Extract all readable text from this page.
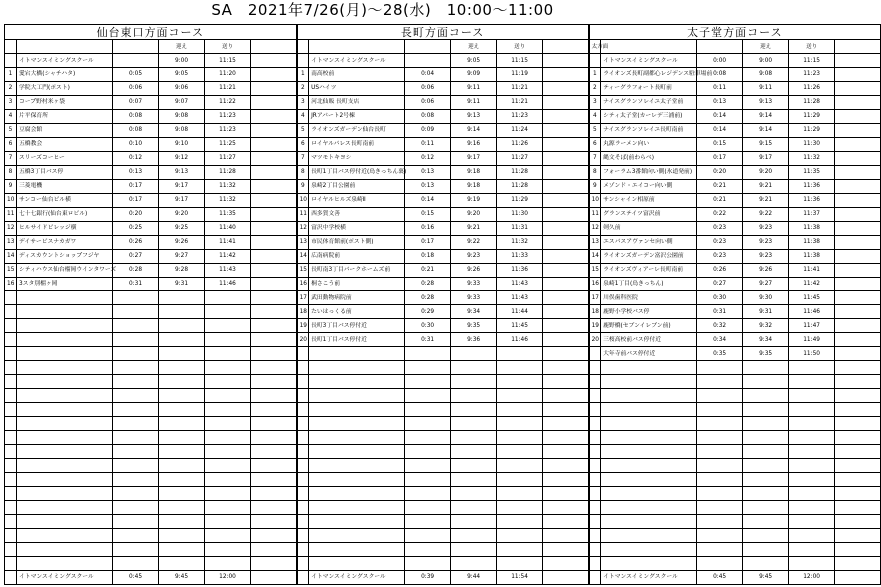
SA　2021年7/26(月)～28(水)　10:00～11:00
仙台東口方面コース						長町方面コース						太子堂方面コース					
			迎え	送り					迎え	送り		太方面			迎え	送り	
	イトマンスイミングスクール		9:00	11:15			イトマンスイミングスクール		9:05	11:15			イトマンスイミングスクール	0:00	9:00	11:15	
1	愛宕大橋(シャチハタ)	0:05	9:05	11:20		1	南高校前	0:04	9:09	11:19		1	ライオンズ長町副都心レジデンス駐車場前	0:08	9:08	11:23	
2	学院大工門(ポスト)	0:06	9:06	11:21		2	USハイツ	0:06	9:11	11:21		2	ティーグラフォート長町前	0:11	9:11	11:26	
3	コープ野村米ヶ袋	0:07	9:07	11:22		3	河北仙販 長町支店	0:06	9:11	11:21		3	ナイスグランソレイユ太子堂前	0:13	9:13	11:28	
4	片平保育所	0:08	9:08	11:23		4	JRアパート2号棟	0:08	9:13	11:23		4	シティ太子堂(カーレデ三浦前)	0:14	9:14	11:29	
5	豆腐会館	0:08	9:08	11:23		5	ライオンズガーデン仙台長町	0:09	9:14	11:24		5	ナイスグランソレイユ長町南前	0:14	9:14	11:29	
6	五橋教会	0:10	9:10	11:25		6	ロイヤルパレス長町南前	0:11	9:16	11:26		6	丸源ラーメン向い	0:15	9:15	11:30	
7	スリーズコーヒー	0:12	9:12	11:27		7	マツモトキヨシ	0:12	9:17	11:27		7	縄文そば(前わらべ)	0:17	9:17	11:32	
8	五橋3丁目バス停	0:13	9:13	11:28		8	長町1丁目バス停付近(鳥きっちん裏)	0:13	9:18	11:28		8	フォーラム3番館向い側(氷道発前)	0:20	9:20	11:35	
9	三菱電機	0:17	9:17	11:32		9	泉崎2丁目公園前	0:13	9:18	11:28		9	メゾンド・エイコー向い側	0:21	9:21	11:36	
10	サンコー仙台ビル横	0:17	9:17	11:32		10	ロイヤルヒルズ泉崎Ⅱ	0:14	9:19	11:29		10	サンシャイン相原前	0:21	9:21	11:36	
11	七十七銀行(仙台東ロビル)	0:20	9:20	11:35		11	西多賀文善	0:15	9:20	11:30		11	グランステイツ富沢前	0:22	9:22	11:37	
12	ヒルサイドビレッジ横	0:25	9:25	11:40		12	富沢中学校横	0:16	9:21	11:31		12	剣久前	0:23	9:23	11:38	
13	デイサービスナカガワ	0:26	9:26	11:41		13	市民体育館前(ポスト側)	0:17	9:22	11:32		13	エスパスアヴァンセ向い側	0:23	9:23	11:38	
14	ディスカウントショップフジヤ	0:27	9:27	11:42		14	広南病院前	0:18	9:23	11:33		14	ライオンズガーデン富沢公園前	0:23	9:23	11:38	
15	シティハウス仙台榴岡ウインタワーズ	0:28	9:28	11:43		15	長町南3丁目パークホームズ前	0:21	9:26	11:36		15	ライオンズヴィアーレ長町南前	0:26	9:26	11:41	
16	3スタ別榴ヶ岡	0:31	9:31	11:46		16	桐さこう前	0:28	9:33	11:43		16	泉崎1丁目(鳥きっちん)	0:27	9:27	11:42	
						17	武田動物病院前	0:28	9:33	11:43		17	川俣歯科医院	0:30	9:30	11:45	
						18	たいはっくる前	0:29	9:34	11:44		18	鹿野小学校バス停	0:31	9:31	11:46	
						19	長町3丁目バス停付近	0:30	9:35	11:45		19	鹿野橋(セブンイレブン前)	0:32	9:32	11:47	
						20	長町1丁目バス停付近	0:31	9:36	11:46		20	三桜高校前バス停付近	0:34	9:34	11:49	
													大年寺前バス停付近	0:35	9:35	11:50	

	イトマンスイミングスクール	0:45	9:45	12:00			イトマンスイミングスクール	0:39	9:44	11:54			イトマンスイミングスクール	0:45	9:45	12:00	
